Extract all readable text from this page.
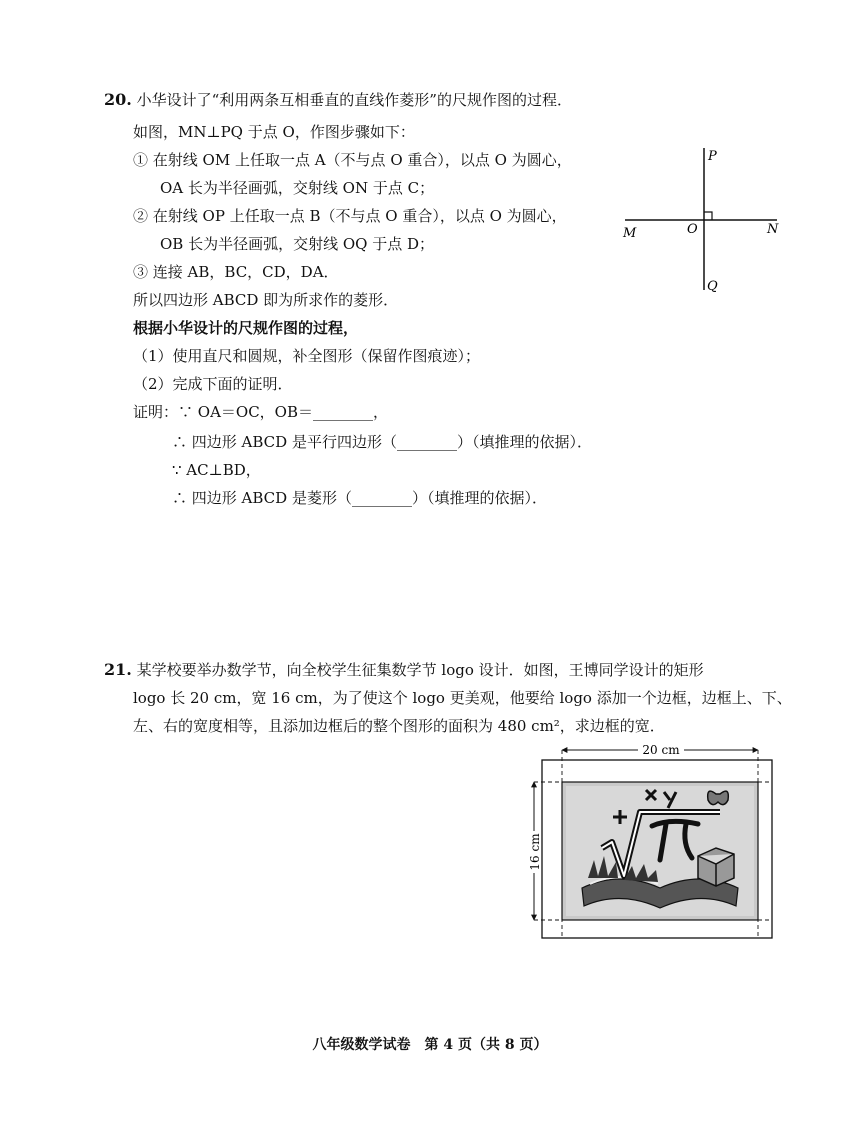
20. 小华设计了“利用两条互相垂直的直线作菱形”的尺规作图的过程．
如图，MN⊥PQ 于点 O，作图步骤如下：
① 在射线 OM 上任取一点 A（不与点 O 重合），以点 O 为圆心，
OA 长为半径画弧，交射线 ON 于点 C；
② 在射线 OP 上任取一点 B（不与点 O 重合），以点 O 为圆心，
OB 长为半径画弧，交射线 OQ 于点 D；
③ 连接 AB，BC，CD，DA．
所以四边形 ABCD 即为所求作的菱形．
根据小华设计的尺规作图的过程，
（1）使用直尺和圆规，补全图形（保留作图痕迹）；
（2）完成下面的证明．
证明：∵ OA＝OC，OB＝________，
∴ 四边形 ABCD 是平行四边形（________）（填推理的依据）．
∵ AC⊥BD，
∴ 四边形 ABCD 是菱形（________）（填推理的依据）．
P
Q
M	N
O
21. 某学校要举办数学节，向全校学生征集数学节 logo 设计．如图，王博同学设计的矩形
logo 长 20 cm，宽 16 cm，为了使这个 logo 更美观，他要给 logo 添加一个边框，边框上、下、
左、右的宽度相等，且添加边框后的整个图形的面积为 480 cm²，求边框的宽．
20 cm
16 cm
八年级数学试卷　第 4 页（共 8 页）
